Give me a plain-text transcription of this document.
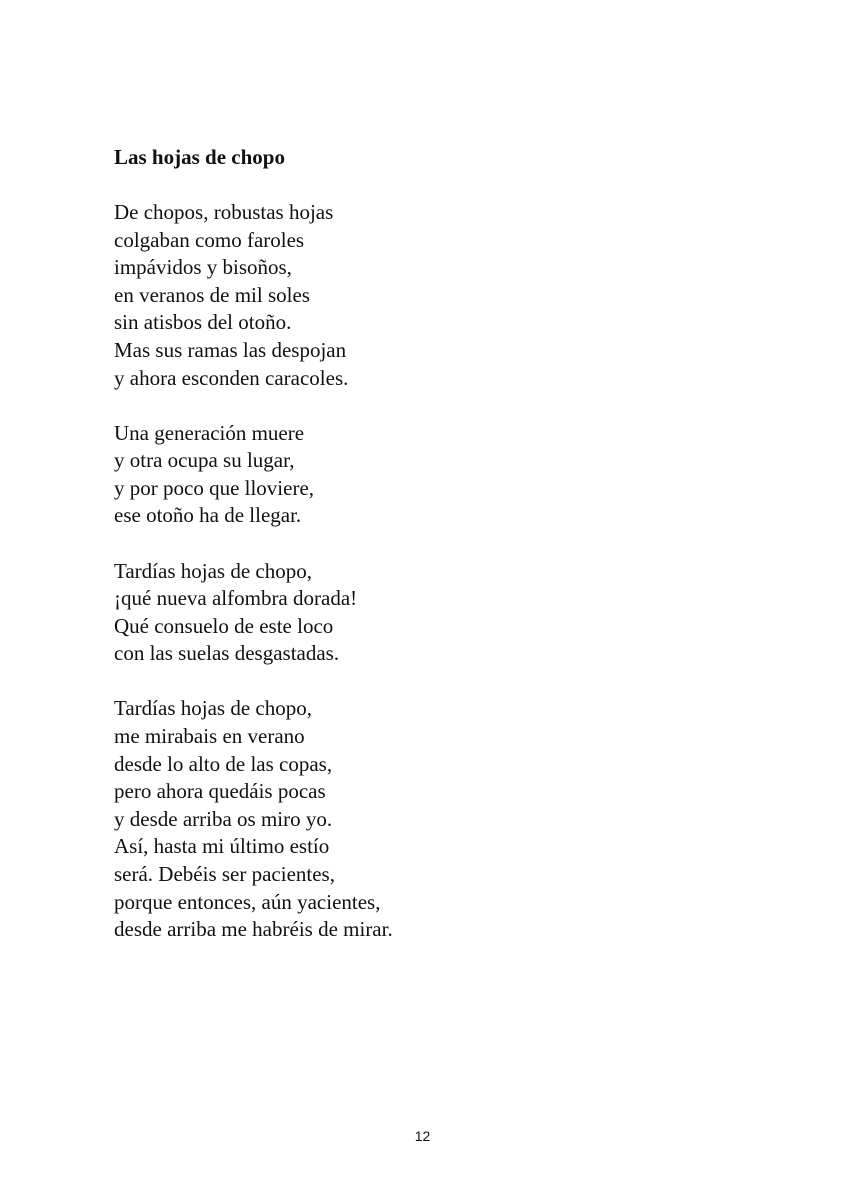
Las hojas de chopo
De chopos, robustas hojas
colgaban como faroles
impávidos y bisoños,
en veranos de mil soles
sin atisbos del otoño.
Mas sus ramas las despojan
y ahora esconden caracoles.
Una generación muere
y otra ocupa su lugar,
y por poco que lloviere,
ese otoño ha de llegar.
Tardías hojas de chopo,
¡qué nueva alfombra dorada!
Qué consuelo de este loco
con las suelas desgastadas.
Tardías hojas de chopo,
me mirabais en verano
desde lo alto de las copas,
pero ahora quedáis pocas
y desde arriba os miro yo.
Así, hasta mi último estío
será. Debéis ser pacientes,
porque entonces, aún yacientes,
desde arriba me habréis de mirar.
12
